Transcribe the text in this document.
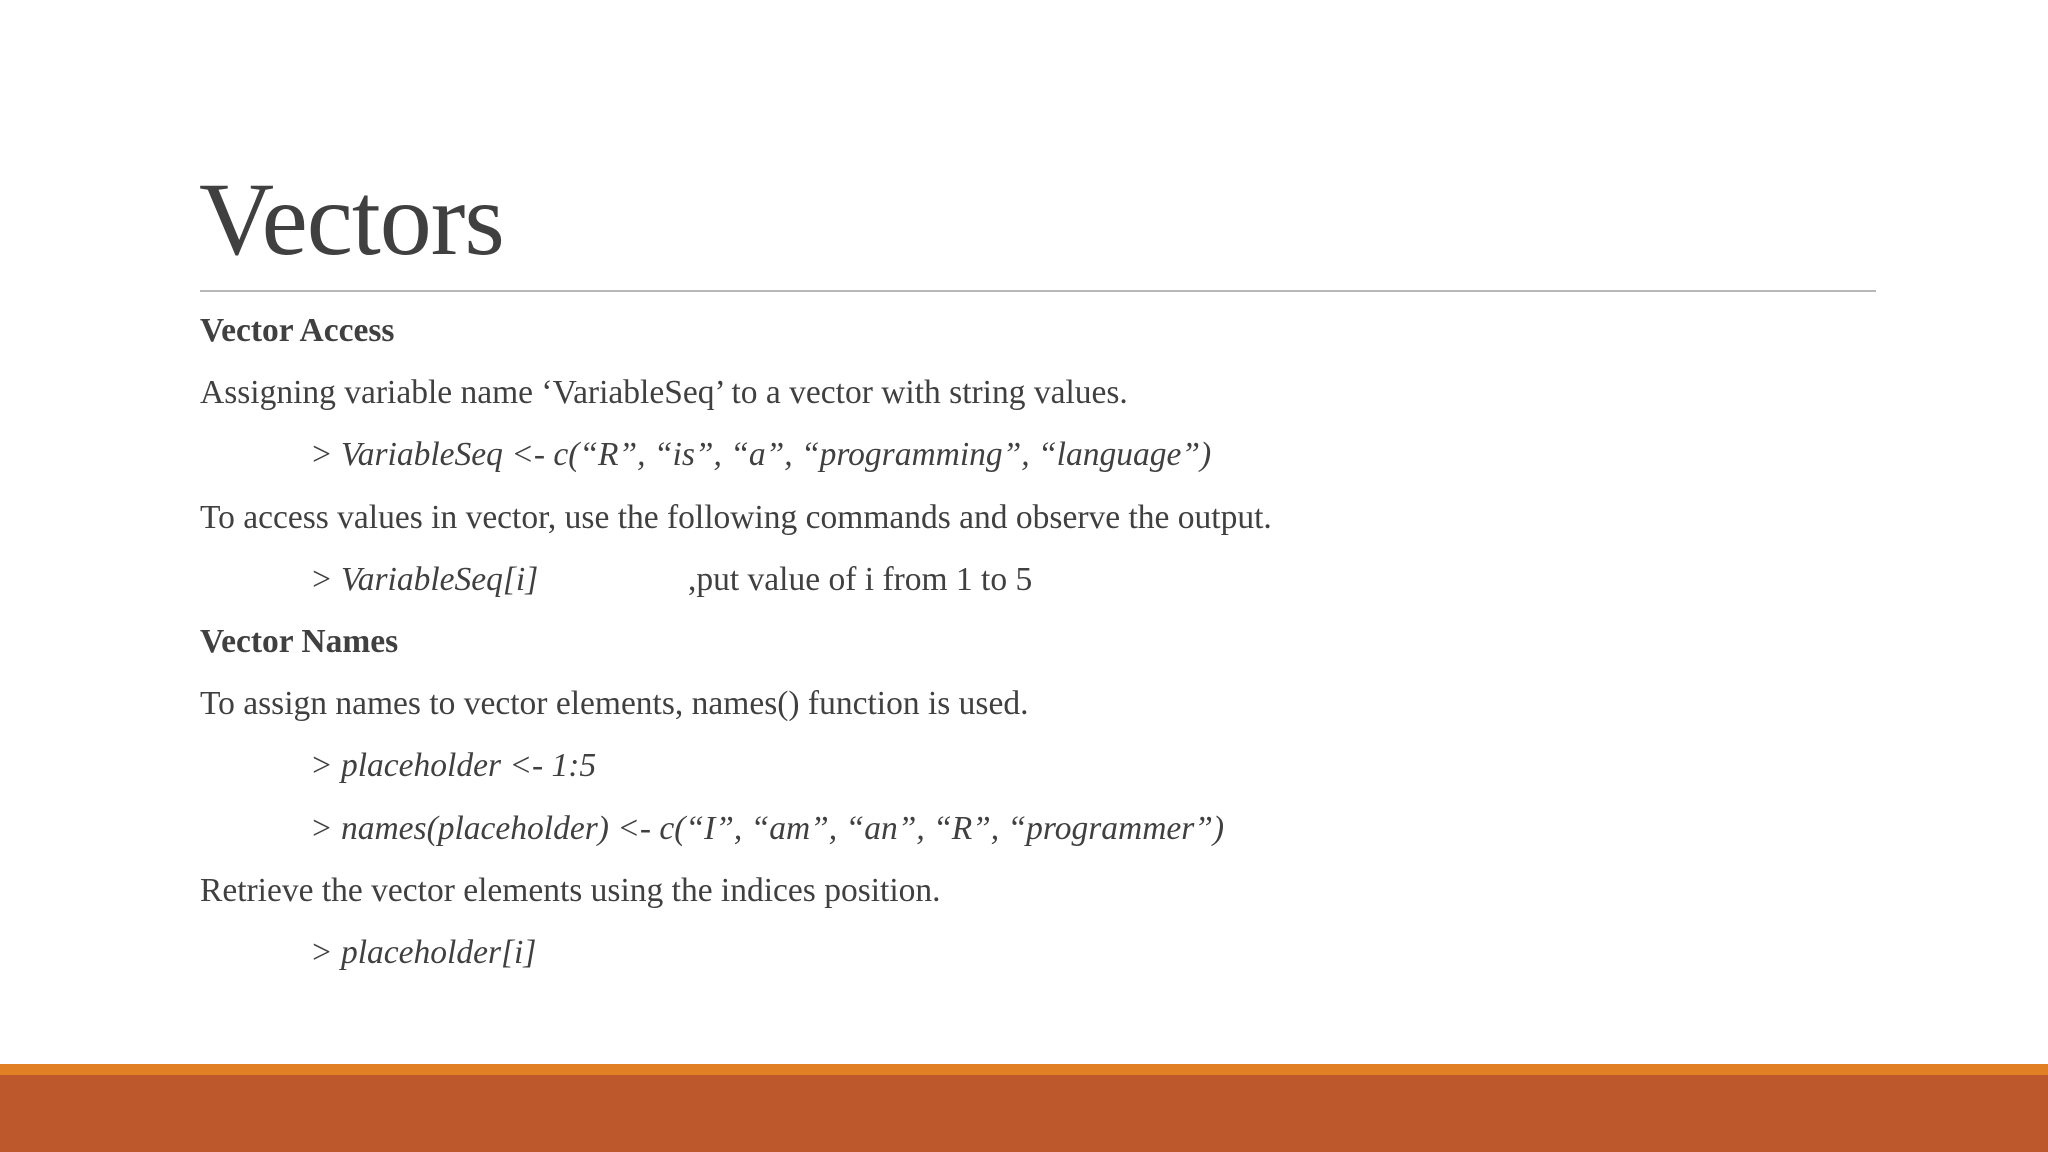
Vectors
Vector Access
Assigning variable name ‘VariableSeq’ to a vector with string values.
> VariableSeq <- c(“R”, “is”, “a”, “programming”, “language”)
To access values in vector, use the following commands and observe the output.
> VariableSeq[i]	,put value of i from 1 to 5
Vector Names
To assign names to vector elements, names() function is used.
> placeholder <- 1:5
> names(placeholder) <- c(“I”, “am”, “an”, “R”, “programmer”)
Retrieve the vector elements using the indices position.
> placeholder[i]
